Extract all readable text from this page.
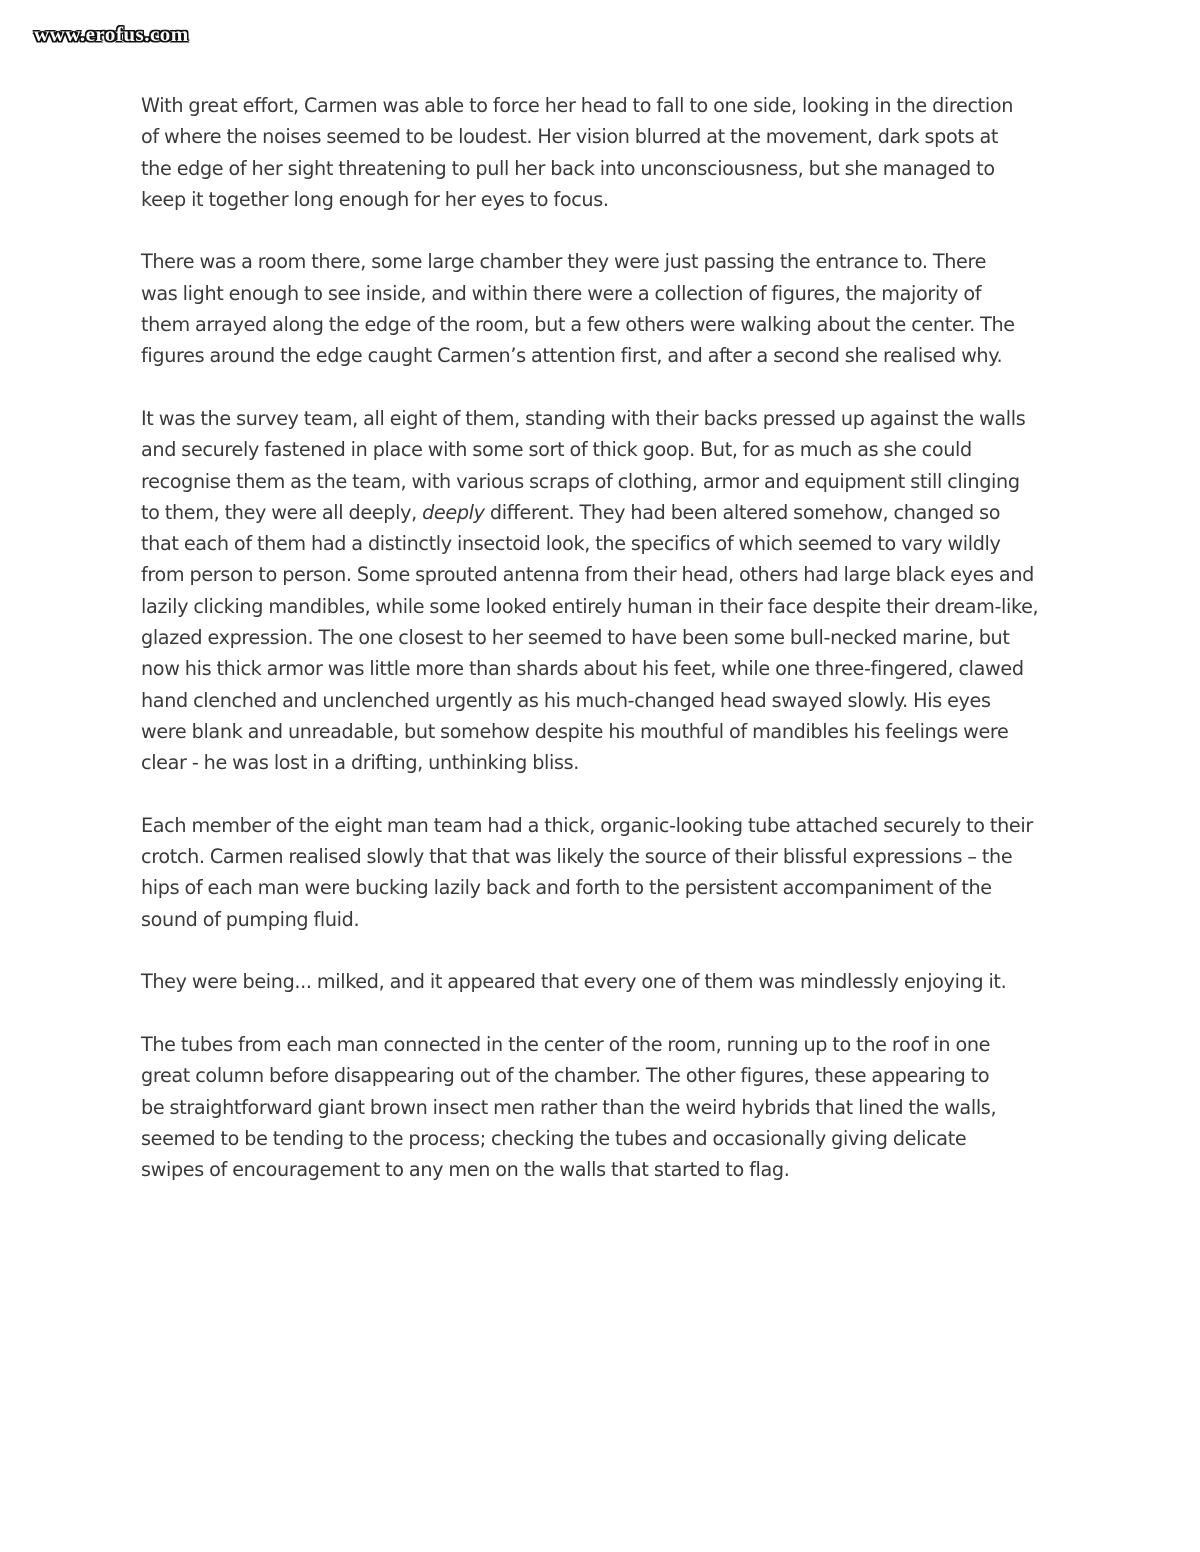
www.erofus.com

With great effort, Carmen was able to force her head to fall to one side, looking in the direction
of where the noises seemed to be loudest. Her vision blurred at the movement, dark spots at
the edge of her sight threatening to pull her back into unconsciousness, but she managed to
keep it together long enough for her eyes to focus.

There was a room there, some large chamber they were just passing the entrance to. There
was light enough to see inside, and within there were a collection of figures, the majority of
them arrayed along the edge of the room, but a few others were walking about the center. The
figures around the edge caught Carmen’s attention first, and after a second she realised why.

It was the survey team, all eight of them, standing with their backs pressed up against the walls
and securely fastened in place with some sort of thick goop. But, for as much as she could
recognise them as the team, with various scraps of clothing, armor and equipment still clinging
to them, they were all deeply, deeply different. They had been altered somehow, changed so
that each of them had a distinctly insectoid look, the specifics of which seemed to vary wildly
from person to person. Some sprouted antenna from their head, others had large black eyes and
lazily clicking mandibles, while some looked entirely human in their face despite their dream-like,
glazed expression. The one closest to her seemed to have been some bull-necked marine, but
now his thick armor was little more than shards about his feet, while one three-fingered, clawed
hand clenched and unclenched urgently as his much-changed head swayed slowly. His eyes
were blank and unreadable, but somehow despite his mouthful of mandibles his feelings were
clear - he was lost in a drifting, unthinking bliss.

Each member of the eight man team had a thick, organic-looking tube attached securely to their
crotch. Carmen realised slowly that that was likely the source of their blissful expressions – the
hips of each man were bucking lazily back and forth to the persistent accompaniment of the
sound of pumping fluid.

They were being... milked, and it appeared that every one of them was mindlessly enjoying it.

The tubes from each man connected in the center of the room, running up to the roof in one
great column before disappearing out of the chamber. The other figures, these appearing to
be straightforward giant brown insect men rather than the weird hybrids that lined the walls,
seemed to be tending to the process; checking the tubes and occasionally giving delicate
swipes of encouragement to any men on the walls that started to flag.
